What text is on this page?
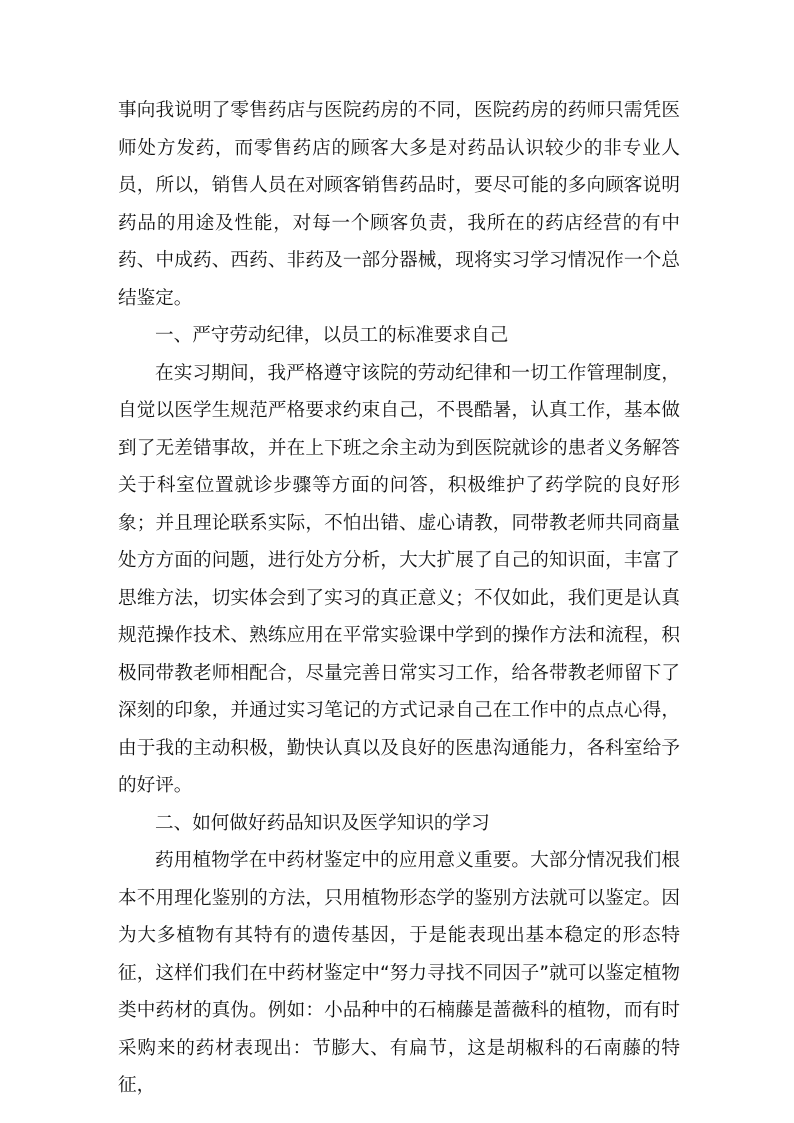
事向我说明了零售药店与医院药房的不同，医院药房的药师只需凭医师处方发药，而零售药店的顾客大多是对药品认识较少的非专业人员，所以，销售人员在对顾客销售药品时，要尽可能的多向顾客说明药品的用途及性能，对每一个顾客负责，我所在的药店经营的有中药、中成药、西药、非药及一部分器械，现将实习学习情况作一个总结鉴定。

一、严守劳动纪律，以员工的标准要求自己

在实习期间，我严格遵守该院的劳动纪律和一切工作管理制度，自觉以医学生规范严格要求约束自己，不畏酷暑，认真工作，基本做到了无差错事故，并在上下班之余主动为到医院就诊的患者义务解答关于科室位置就诊步骤等方面的问答，积极维护了药学院的良好形象；并且理论联系实际，不怕出错、虚心请教，同带教老师共同商量处方方面的问题，进行处方分析，大大扩展了自己的知识面，丰富了思维方法，切实体会到了实习的真正意义；不仅如此，我们更是认真规范操作技术、熟练应用在平常实验课中学到的操作方法和流程，积极同带教老师相配合，尽量完善日常实习工作，给各带教老师留下了深刻的印象，并通过实习笔记的方式记录自己在工作中的点点心得，由于我的主动积极，勤快认真以及良好的医患沟通能力，各科室给予的好评。

二、如何做好药品知识及医学知识的学习

药用植物学在中药材鉴定中的应用意义重要。大部分情况我们根本不用理化鉴别的方法，只用植物形态学的鉴别方法就可以鉴定。因为大多植物有其特有的遗传基因，于是能表现出基本稳定的形态特征，这样们我们在中药材鉴定中“努力寻找不同因子”就可以鉴定植物类中药材的真伪。例如：小品种中的石楠藤是蔷薇科的植物，而有时采购来的药材表现出：节膨大、有扁节，这是胡椒科的石南藤的特征，
